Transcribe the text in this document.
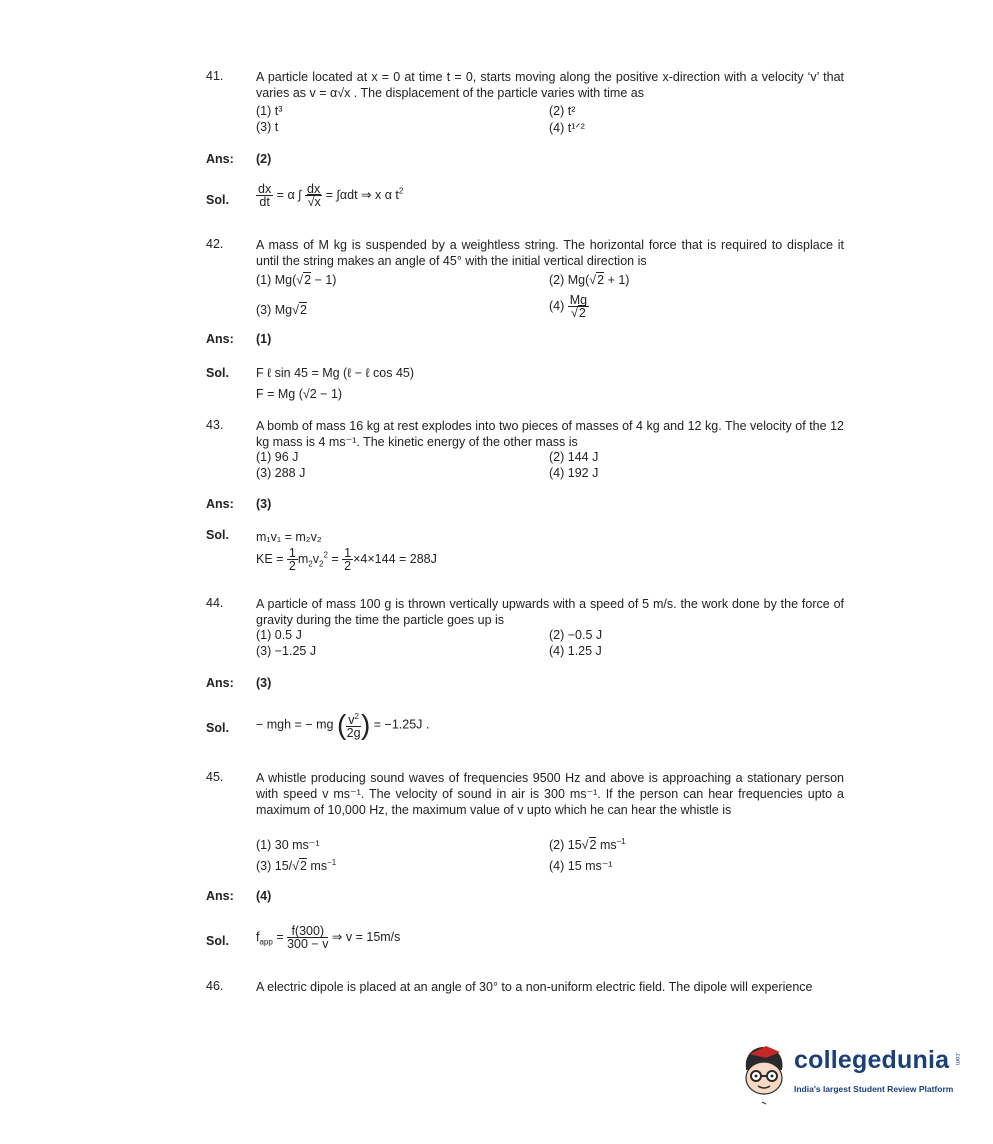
41.	A particle located at x = 0 at time t = 0, starts moving along the positive x-direction with a velocity ‘v’ that varies as v = α√x . The displacement of the particle varies with time as
(1) t³	(2) t²
(3) t	(4) t¹ᐟ²
Ans: (2)
Sol. $\frac{dx}{dt} = \alpha$ ∫ $\frac{dx}{√x} = \int\alpha dt$ ⇒ x α $t^2$
42.	A mass of M kg is suspended by a weightless string. The horizontal force that is required to displace it until the string makes an angle of 45° with the initial vertical direction is
(1) Mg(√2 − 1)	(2) Mg(√2 + 1)
(3) Mg√2	$(4) \frac{Mg}{√2}$
Ans: (1)
Sol. F ℓ sin 45 = Mg (ℓ − ℓ cos 45)
F = Mg (√2 − 1)
43.	A bomb of mass 16 kg at rest explodes into two pieces of masses of 4 kg and 12 kg. The velocity of the 12 kg mass is 4 ms⁻¹. The kinetic energy of the other mass is
(1) 96 J	(2) 144 J
(3) 288 J	(4) 192 J
Ans: (3)
Sol. m₁v₁ = m₂v₂
KE = $\frac{1}{2} m_2v_2^2 = \frac{1}{2} \times 4\times 144 = 288J$
44.	A particle of mass 100 g is thrown vertically upwards with a speed of 5 m/s. the work done by the force of gravity during the time the particle goes up is
(1) 0.5 J	(2) −0.5 J
(3) −1.25 J	(4) 1.25 J
Ans: (3)
Sol. − mgh = − mg ( $\frac{v^2}{2g}$ ) = −1.25J .
45.	A whistle producing sound waves of frequencies 9500 Hz and above is approaching a stationary person with speed v ms⁻¹. The velocity of sound in air is 300 ms⁻¹. If the person can hear frequencies upto a maximum of 10,000 Hz, the maximum value of v upto which he can hear the whistle is
(1) 30 ms⁻¹	(2) 15√2 $ms^{-1}$
(3) 15/√2 $ms^{-1}$	(4) 15 ms⁻¹
Ans: (4)
Sol. $f_{app} = \frac{f(300)}{300 - v}$ ⇒ v = 15m/s
46.	A electric dipole is placed at an angle of 30° to a non-uniform electric field. The dipole will experience
collegedunia .com
India's largest Student Review Platform
